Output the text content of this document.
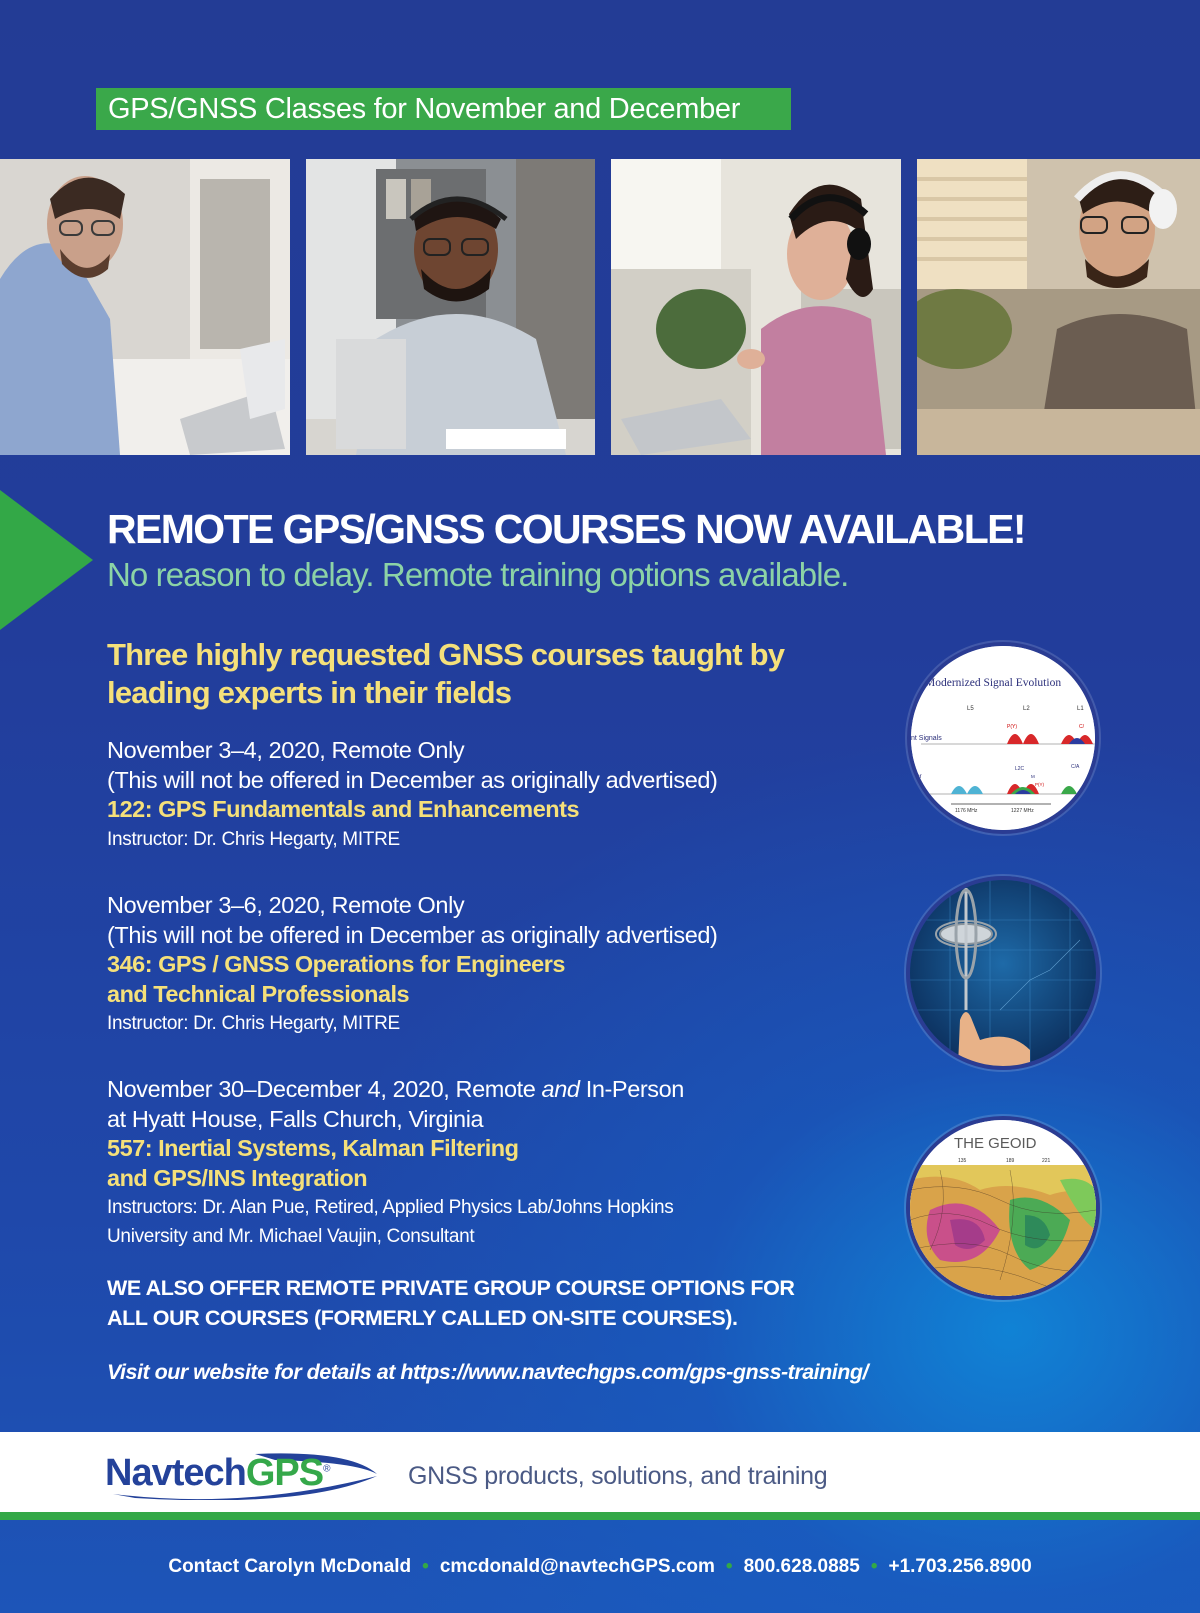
GPS/GNSS Classes for November and December
REMOTE GPS/GNSS COURSES NOW AVAILABLE!
No reason to delay. Remote training options available.
Three highly requested GNSS courses taught by leading experts in their fields
November 3–4, 2020, Remote Only
(This will not be offered in December as originally advertised)
122: GPS Fundamentals and Enhancements
Instructor: Dr. Chris Hegarty, MITRE
November 3–6, 2020, Remote Only
(This will not be offered in December as originally advertised)
346: GPS / GNSS Operations for Engineers
and Technical Professionals
Instructor: Dr. Chris Hegarty, MITRE
November 30–December 4, 2020, Remote and In-Person
at Hyatt House, Falls Church, Virginia
557: Inertial Systems, Kalman Filtering
and GPS/INS Integration
Instructors: Dr. Alan Pue, Retired, Applied Physics Lab/Johns Hopkins
University and Mr. Michael Vaujin, Consultant
Modernized Signal Evolution
L5	L2	L1
nt Signals
fter
tion
P(Y)	C/
L2C
M
P(Y)
C/A
1176 MHz	1227 MHz
THE GEOID
99	135	189	221	27
WE ALSO OFFER REMOTE PRIVATE GROUP COURSE OPTIONS FOR ALL OUR COURSES (FORMERLY CALLED ON-SITE COURSES).
Visit our website for details at https://www.navtechgps.com/gps-gnss-training/
NavtechGPS®	GNSS products, solutions, and training
Contact Carolyn McDonald • cmcdonald@navtechGPS.com • 800.628.0885 • +1.703.256.8900
